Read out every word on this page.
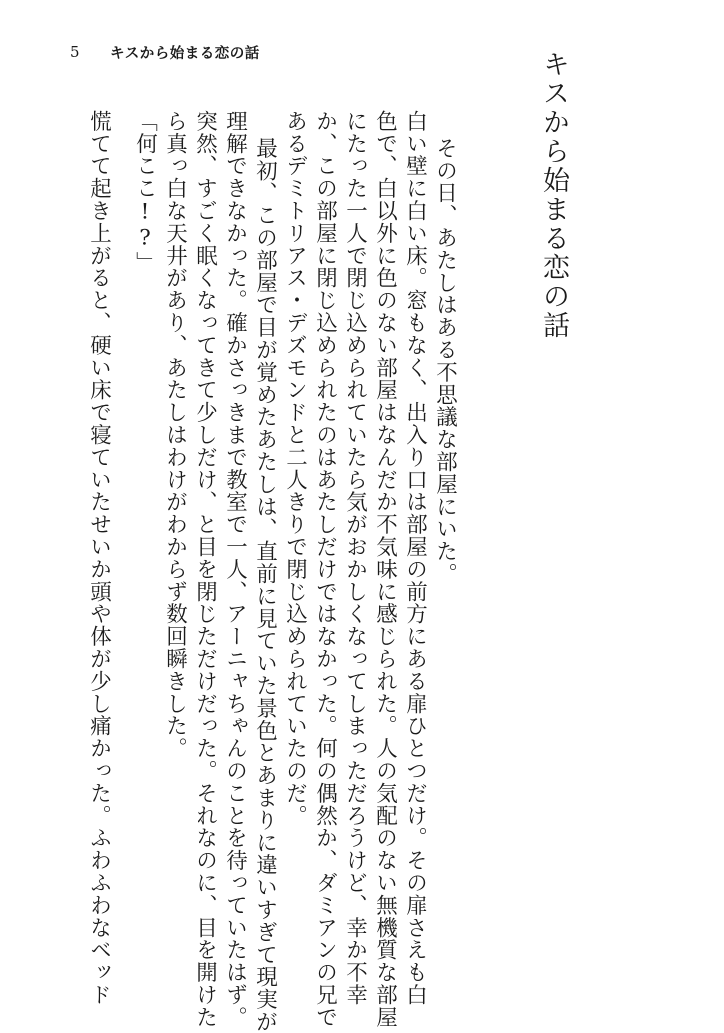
5	キスから始まる恋の話	キスから始まる恋の話
その日、あたしはある不思議な部屋にいた。
白い壁に白い床。窓もなく、出入り口は部屋の前方にある扉ひとつだけ。その扉さえも白
色で、白以外に色のない部屋はなんだか不気味に感じられた。人の気配のない無機質な部屋
にたった一人で閉じ込められていたら気がおかしくなってしまっただろうけど、幸か不幸
か、この部屋に閉じ込められたのはあたしだけではなかった。何の偶然か、ダミアンの兄で
あるデミトリアス・デズモンドと二人きりで閉じ込められていたのだ。
最初、この部屋で目が覚めたあたしは、直前に見ていた景色とあまりに違いすぎて現実が
理解できなかった。確かさっきまで教室で一人、アーニャちゃんのことを待っていたはず。
突然、すごく眠くなってきて少しだけ、と目を閉じただけだった。それなのに、目を開けた
ら真っ白な天井があり、あたしはわけがわからず数回瞬きした。
「何ここ!?」
慌てて起き上がると、硬い床で寝ていたせいか頭や体が少し痛かった。ふわふわなベッド
